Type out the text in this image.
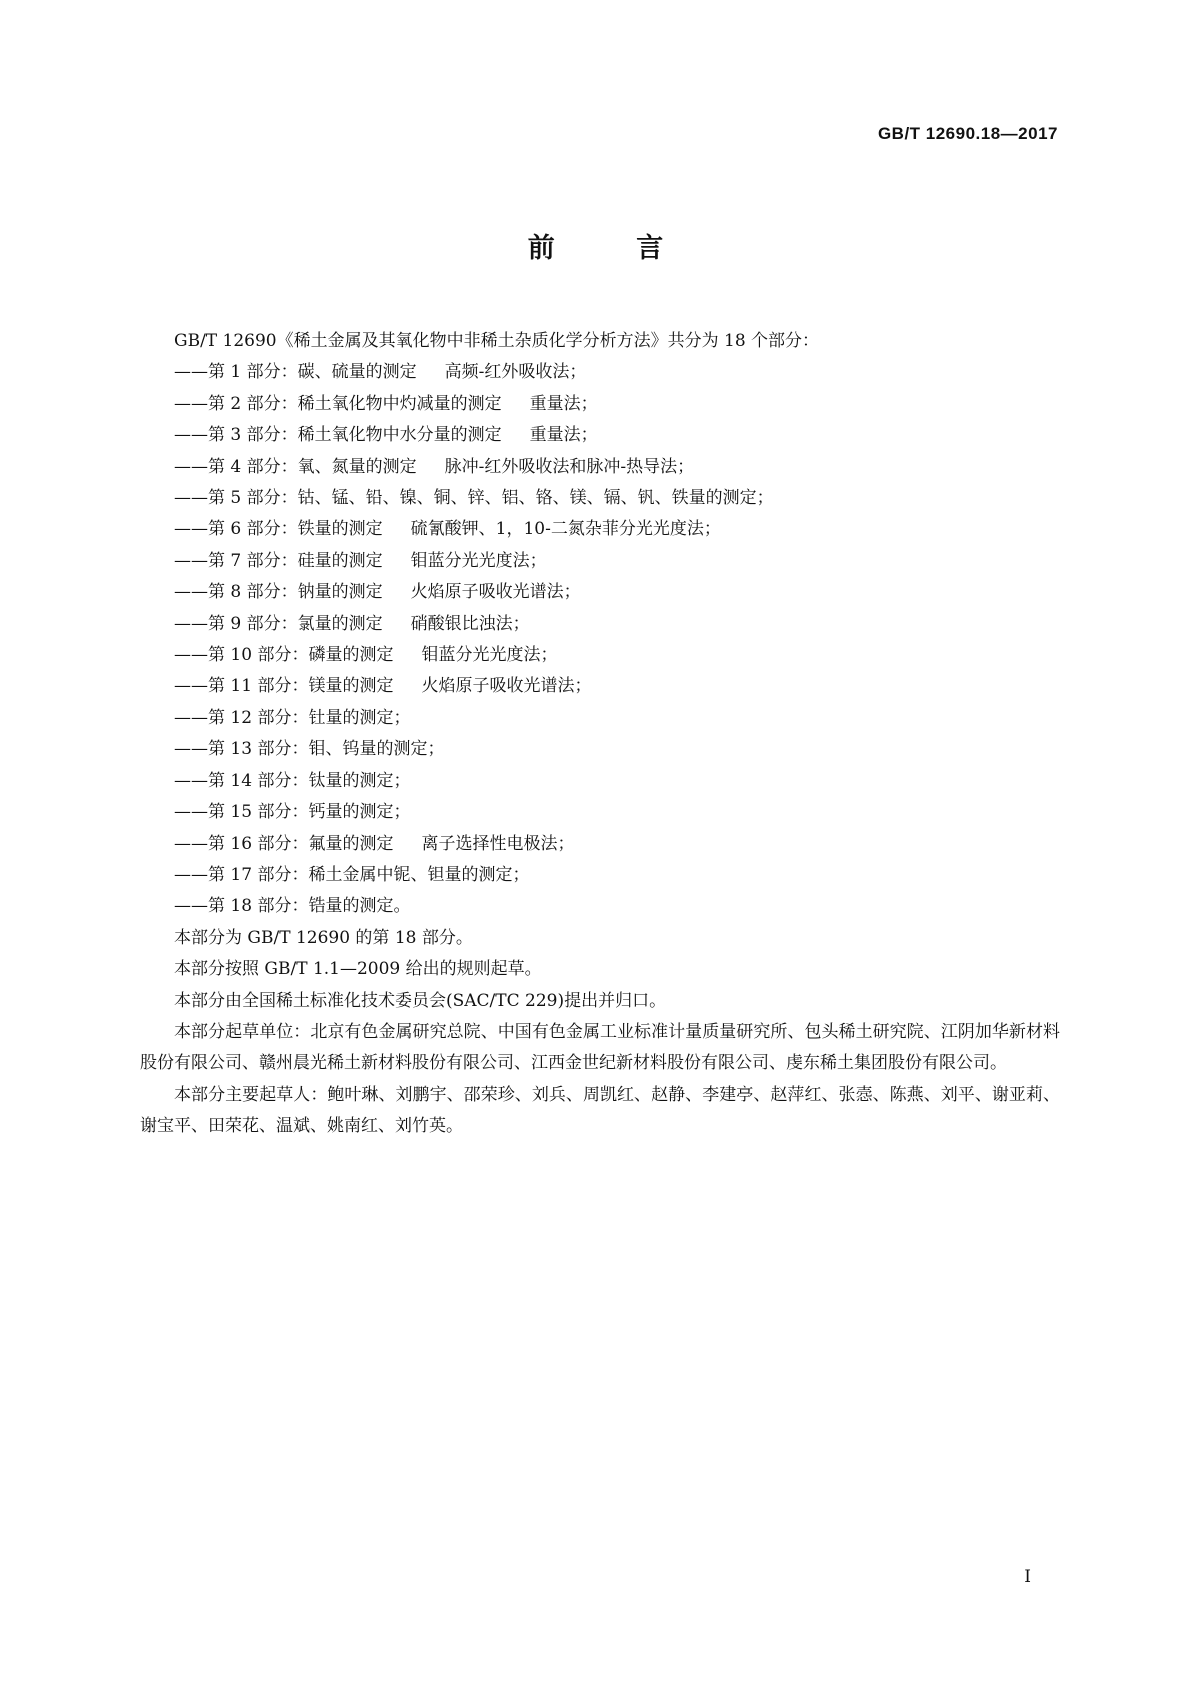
GB/T 12690.18—2017
前 言

GB/T 12690《稀土金属及其氧化物中非稀土杂质化学分析方法》共分为 18 个部分：

——第 1 部分：碳、硫量的测定 高频-红外吸收法；

——第 2 部分：稀土氧化物中灼减量的测定 重量法；

——第 3 部分：稀土氧化物中水分量的测定 重量法；

——第 4 部分：氧、氮量的测定 脉冲-红外吸收法和脉冲-热导法；

——第 5 部分：钴、锰、铅、镍、铜、锌、铝、铬、镁、镉、钒、铁量的测定；

——第 6 部分：铁量的测定 硫氰酸钾、1，10-二氮杂菲分光光度法；

——第 7 部分：硅量的测定 钼蓝分光光度法；

——第 8 部分：钠量的测定 火焰原子吸收光谱法；

——第 9 部分：氯量的测定 硝酸银比浊法；

——第 10 部分：磷量的测定 钼蓝分光光度法；

——第 11 部分：镁量的测定 火焰原子吸收光谱法；

——第 12 部分：钍量的测定；

——第 13 部分：钼、钨量的测定；

——第 14 部分：钛量的测定；

——第 15 部分：钙量的测定；

——第 16 部分：氟量的测定 离子选择性电极法；

——第 17 部分：稀土金属中铌、钽量的测定；

——第 18 部分：锆量的测定。

本部分为 GB/T 12690 的第 18 部分。

本部分按照 GB/T 1.1—2009 给出的规则起草。

本部分由全国稀土标准化技术委员会(SAC/TC 229)提出并归口。

本部分起草单位：北京有色金属研究总院、中国有色金属工业标准计量质量研究所、包头稀土研究院、江阴加华新材料股份有限公司、赣州晨光稀土新材料股份有限公司、江西金世纪新材料股份有限公司、虔东稀土集团股份有限公司。

本部分主要起草人：鲍叶琳、刘鹏宇、邵荣珍、刘兵、周凯红、赵静、李建亭、赵萍红、张悫、陈燕、刘平、谢亚莉、谢宝平、田荣花、温斌、姚南红、刘竹英。

I
